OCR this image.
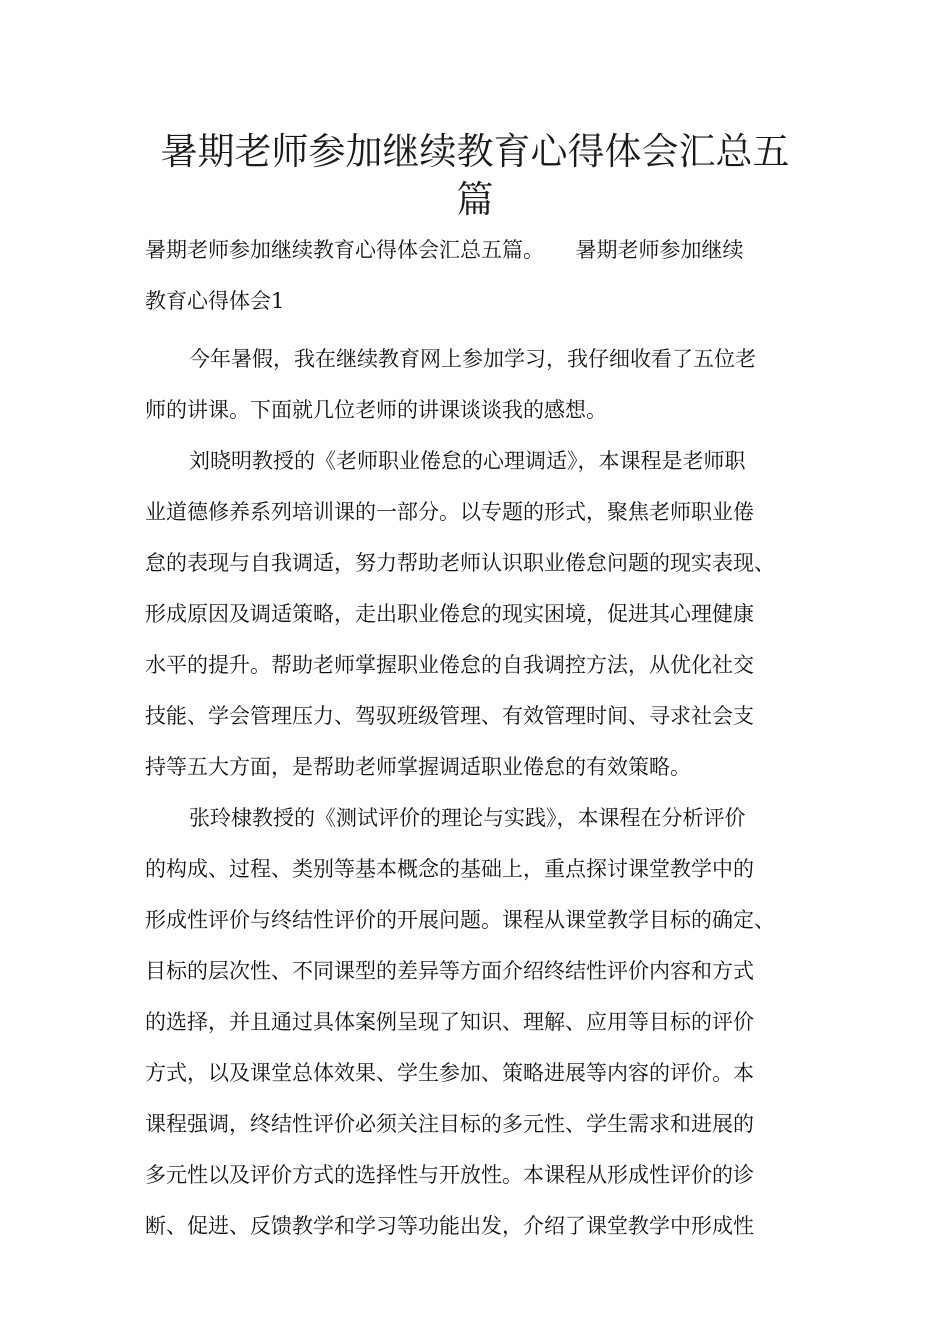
暑期老师参加继续教育心得体会汇总五
篇
暑期老师参加继续教育心得体会汇总五篇。　　暑期老师参加继续
教育心得体会1
今年暑假，我在继续教育网上参加学习，我仔细收看了五位老
师的讲课。下面就几位老师的讲课谈谈我的感想。
刘晓明教授的《老师职业倦怠的心理调适》，本课程是老师职
业道德修养系列培训课的一部分。以专题的形式，聚焦老师职业倦
怠的表现与自我调适，努力帮助老师认识职业倦怠问题的现实表现、
形成原因及调适策略，走出职业倦怠的现实困境，促进其心理健康
水平的提升。帮助老师掌握职业倦怠的自我调控方法，从优化社交
技能、学会管理压力、驾驭班级管理、有效管理时间、寻求社会支
持等五大方面，是帮助老师掌握调适职业倦怠的有效策略。
张玲棣教授的《测试评价的理论与实践》，本课程在分析评价
的构成、过程、类别等基本概念的基础上，重点探讨课堂教学中的
形成性评价与终结性评价的开展问题。课程从课堂教学目标的确定、
目标的层次性、不同课型的差异等方面介绍终结性评价内容和方式
的选择，并且通过具体案例呈现了知识、理解、应用等目标的评价
方式，以及课堂总体效果、学生参加、策略进展等内容的评价。本
课程强调，终结性评价必须关注目标的多元性、学生需求和进展的
多元性以及评价方式的选择性与开放性。本课程从形成性评价的诊
断、促进、反馈教学和学习等功能出发，介绍了课堂教学中形成性
